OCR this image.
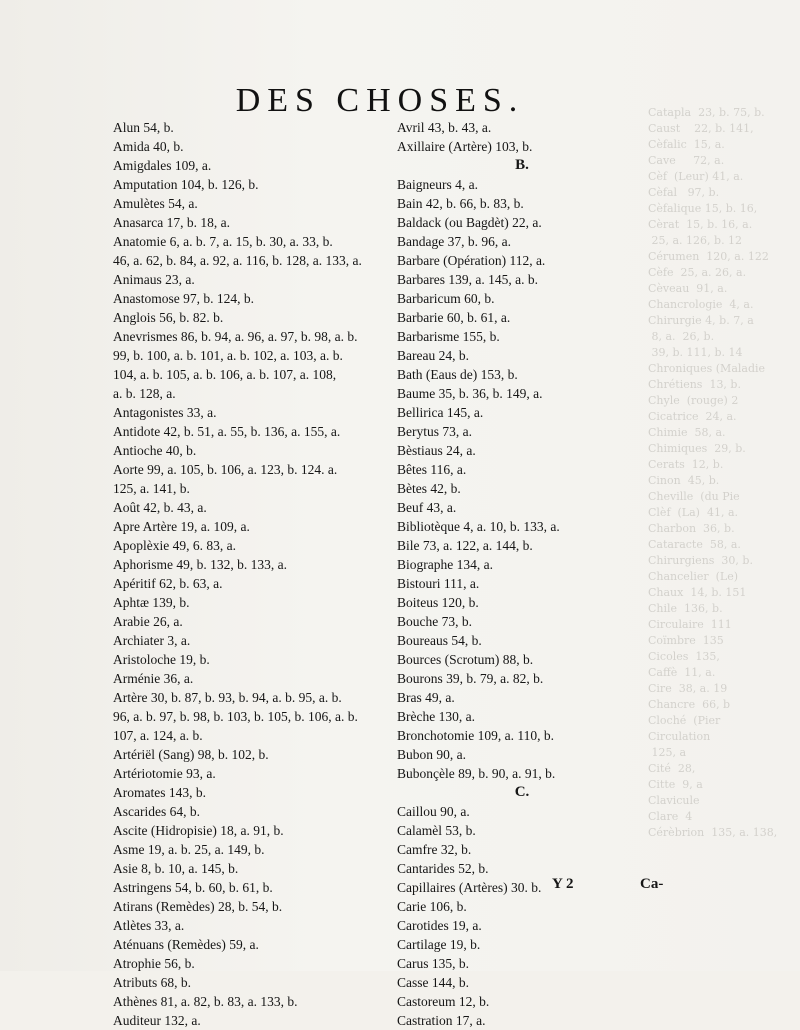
Catapla  23, b. 75, b.
Caust    22, b. 141,
Cèfalic  15, a.
Cave     72, a.
Cèf  (Leur) 41, a.
Cèfal   97, b.
Cèfalique 15, b. 16,
Cèrat  15, b. 16, a.
25, a. 126, b. 12
Cérumen  120, a. 122
Cèfe  25, a. 26, a.
Cèveau  91, a.
Chancrologie  4, a.
Chirurgie 4, b. 7, a
8, a.  26, b.
39, b. 111, b. 14
Chroniques (Maladie
Chrétiens  13, b.
Chyle  (rouge) 2
Cicatrice  24, a.
Chimie  58, a.
Chimiques  29, b.
Cerats  12, b.
Cinon  45, b.
Cheville  (du Pie
Clèf  (La)  41, a.
Charbon  36, b.
Cataracte  58, a.
Chirurgiens  30, b.
Chancelier  (Le)
Chaux  14, b. 151
Chile  136, b.
Circulaire  111
Coïmbre  135
Cicoles  135,
Caffè  11, a.
Cire  38, a. 19
Chancre  66, b
Cloché  (Pier
Circulation
125, a
Cité  28,
Citte  9, a
Clavicule
Clare  4
Cérèbrion  135, a. 138,
DES CHOSES.
Alun 54, b.
Amida 40, b.
Amigdales 109, a.
Amputation 104, b. 126, b.
Amulètes 54, a.
Anasarca 17, b. 18, a.
Anatomie 6, a. b. 7, a. 15, b. 30, a. 33, b.
46, a. 62, b. 84, a. 92, a. 116, b. 128, a. 133, a.
Animaus 23, a.
Anastomose 97, b. 124, b.
Anglois 56, b. 82. b.
Anevrismes 86, b. 94, a. 96, a. 97, b. 98, a. b.
99, b. 100, a. b. 101, a. b. 102, a. 103, a. b.
104, a. b. 105, a. b. 106, a. b. 107, a. 108,
a. b. 128, a.
Antagonistes 33, a.
Antidote 42, b. 51, a. 55, b. 136, a. 155, a.
Antioche 40, b.
Aorte 99, a. 105, b. 106, a. 123, b. 124. a.
125, a. 141, b.
Août 42, b. 43, a.
Apre Artère 19, a. 109, a.
Apoplèxie 49, 6. 83, a.
Aphorisme 49, b. 132, b. 133, a.
Apéritif 62, b. 63, a.
Aphtæ 139, b.
Arabie 26, a.
Archiater 3, a.
Aristoloche 19, b.
Arménie 36, a.
Artère 30, b. 87, b. 93, b. 94, a. b. 95, a. b.
96, a. b. 97, b. 98, b. 103, b. 105, b. 106, a. b.
107, a. 124, a. b.
Artériël (Sang) 98, b. 102, b.
Artériotomie 93, a.
Aromates 143, b.
Ascarides 64, b.
Ascite (Hidropisie) 18, a. 91, b.
Asme 19, a. b. 25, a. 149, b.
Asie 8, b. 10, a. 145, b.
Astringens 54, b. 60, b. 61, b.
Atirans (Remèdes) 28, b. 54, b.
Atlètes 33, a.
Aténuans (Remèdes) 59, a.
Atrophie 56, b.
Atributs 68, b.
Athènes 81, a. 82, b. 83, a. 133, b.
Auditeur 132, a.
Avril 43, b. 43, a.
Axillaire (Artère) 103, b.
B.
Baigneurs 4, a.
Bain 42, b. 66, b. 83, b.
Baldack (ou Bagdèt) 22, a.
Bandage 37, b. 96, a.
Barbare (Opération) 112, a.
Barbares 139, a. 145, a. b.
Barbaricum 60, b.
Barbarie 60, b. 61, a.
Barbarisme 155, b.
Bareau 24, b.
Bath (Eaus de) 153, b.
Baume 35, b. 36, b. 149, a.
Bellirica 145, a.
Berytus 73, a.
Bèstiaus 24, a.
Bêtes 116, a.
Bètes 42, b.
Beuf 43, a.
Bibliotèque 4, a. 10, b. 133, a.
Bile 73, a. 122, a. 144, b.
Biographe 134, a.
Bistouri 111, a.
Boiteus 120, b.
Bouche 73, b.
Boureaus 54, b.
Bources (Scrotum) 88, b.
Bourons 39, b. 79, a. 82, b.
Bras 49, a.
Brèche 130, a.
Bronchotomie 109, a. 110, b.
Bubon 90, a.
Bubonçèle 89, b. 90, a. 91, b.
C.
Caillou 90, a.
Calamèl 53, b.
Camfre 32, b.
Cantarides 52, b.
Capillaires (Artères) 30. b.
Carie 106, b.
Carotides 19, a.
Cartilage 19, b.
Carus 135, b.
Casse 144, b.
Castoreum 12, b.
Castration 17, a.
Y 2	Ca-
